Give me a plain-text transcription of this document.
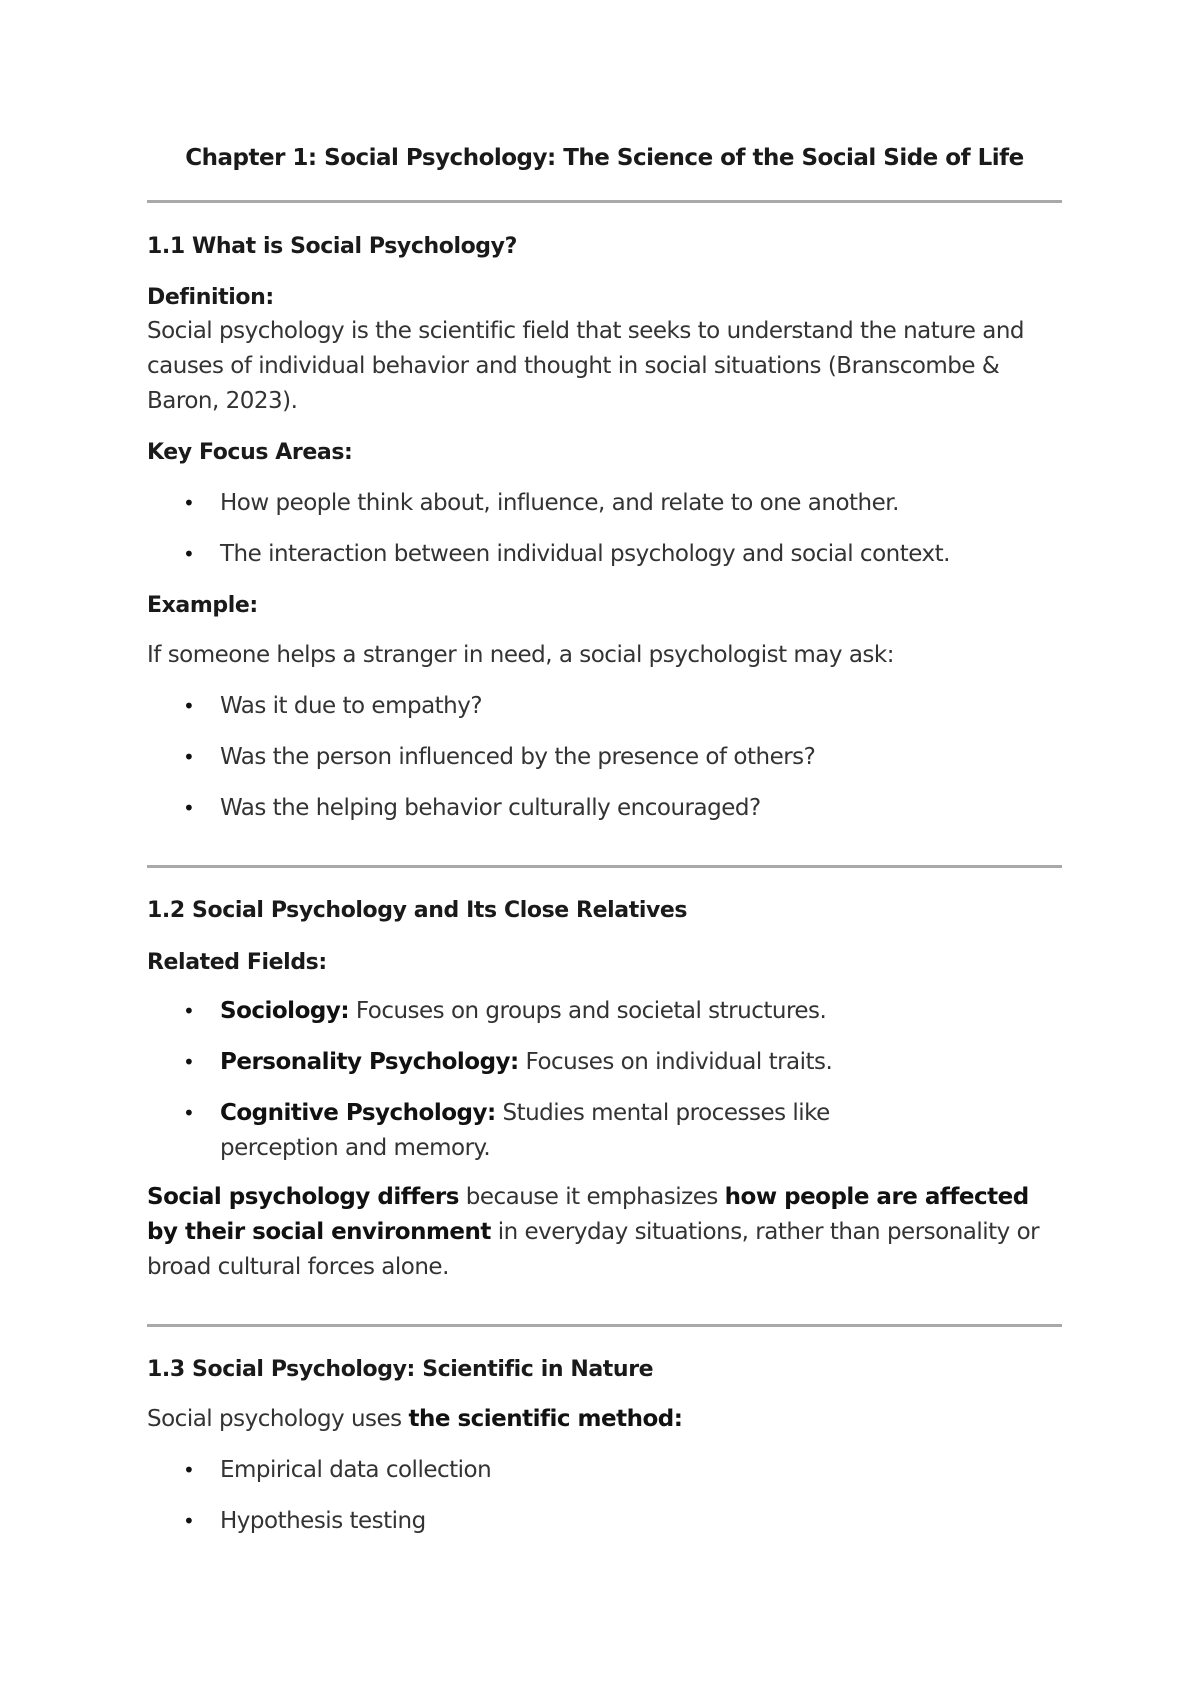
Chapter 1: Social Psychology: The Science of the Social Side of Life
1.1 What is Social Psychology?
Definition:
Social psychology is the scientific field that seeks to understand the nature and causes of individual behavior and thought in social situations (Branscombe & Baron, 2023).
Key Focus Areas:
• How people think about, influence, and relate to one another.
• The interaction between individual psychology and social context.
Example:
If someone helps a stranger in need, a social psychologist may ask:
• Was it due to empathy?
• Was the person influenced by the presence of others?
• Was the helping behavior culturally encouraged?
1.2 Social Psychology and Its Close Relatives
Related Fields:
• Sociology: Focuses on groups and societal structures.
• Personality Psychology: Focuses on individual traits.
• Cognitive Psychology: Studies mental processes like perception and memory.
Social psychology differs because it emphasizes how people are affected by their social environment in everyday situations, rather than personality or broad cultural forces alone.
1.3 Social Psychology: Scientific in Nature
Social psychology uses the scientific method:
• Empirical data collection
• Hypothesis testing
